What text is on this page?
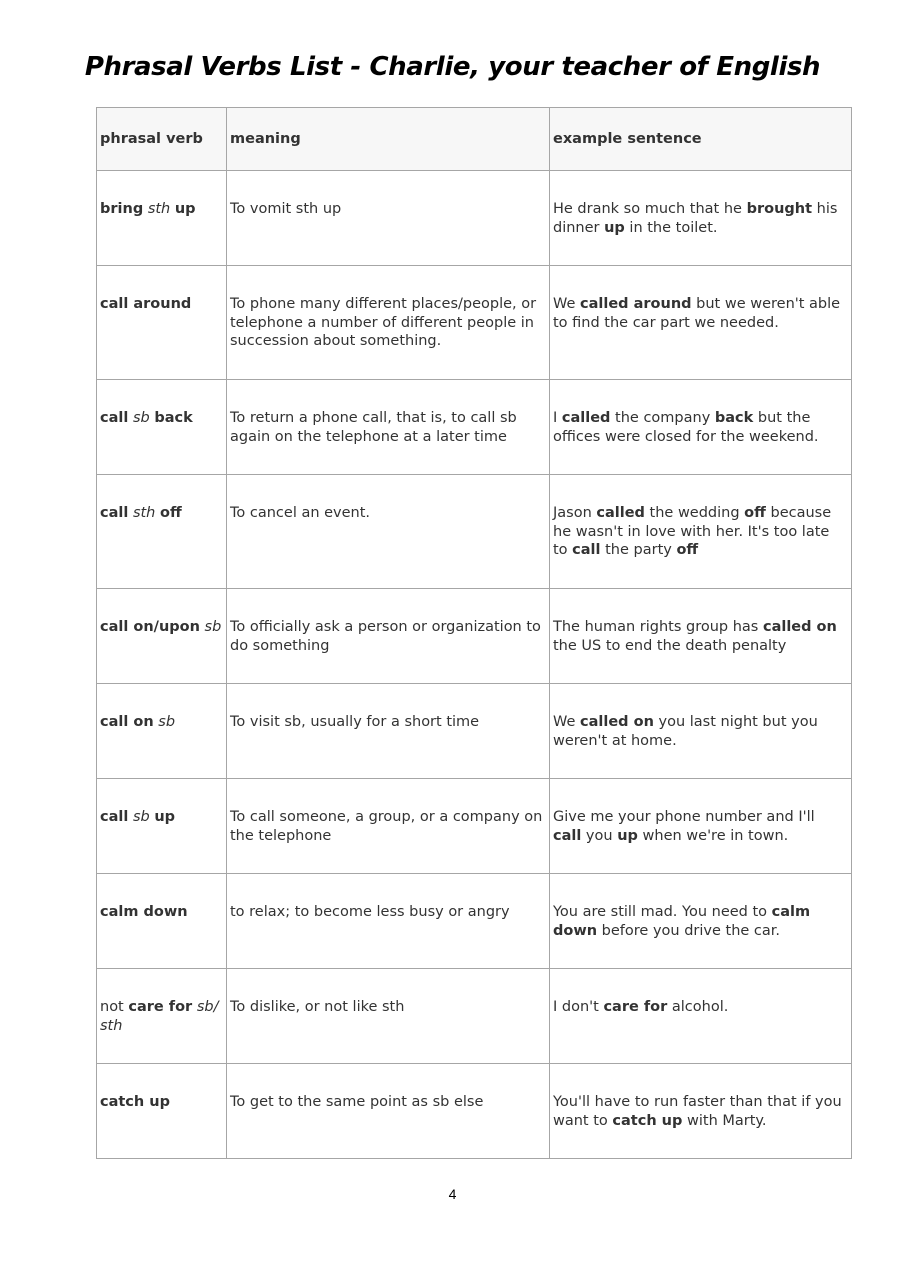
Phrasal Verbs List - Charlie, your teacher of English
phrasal verb	meaning	example sentence

bring sth up	To vomit sth up	He drank so much that he brought his dinner up in the toilet.

call around	To phone many different places/people, or telephone a number of different people in succession about something.	We called around but we weren't able to find the car part we needed.

call sb back	To return a phone call, that is, to call sb again on the telephone at a later time	I called the company back but the offices were closed for the weekend.

call sth off	To cancel an event.	Jason called the wedding off because he wasn't in love with her. It's too late to call the party off

call on/upon sb	To officially ask a person or organization to do something	The human rights group has called on the US to end the death penalty

call on sb	To visit sb, usually for a short time	We called on you last night but you weren't at home.

call sb up	To call someone, a group, or a company on the telephone	Give me your phone number and I'll call you up when we're in town.

calm down	to relax; to become less busy or angry	You are still mad. You need to calm down before you drive the car.

not care for sb/ sth	To dislike, or not like sth	I don't care for alcohol.

catch up	To get to the same point as sb else	You'll have to run faster than that if you want to catch up with Marty.
4
